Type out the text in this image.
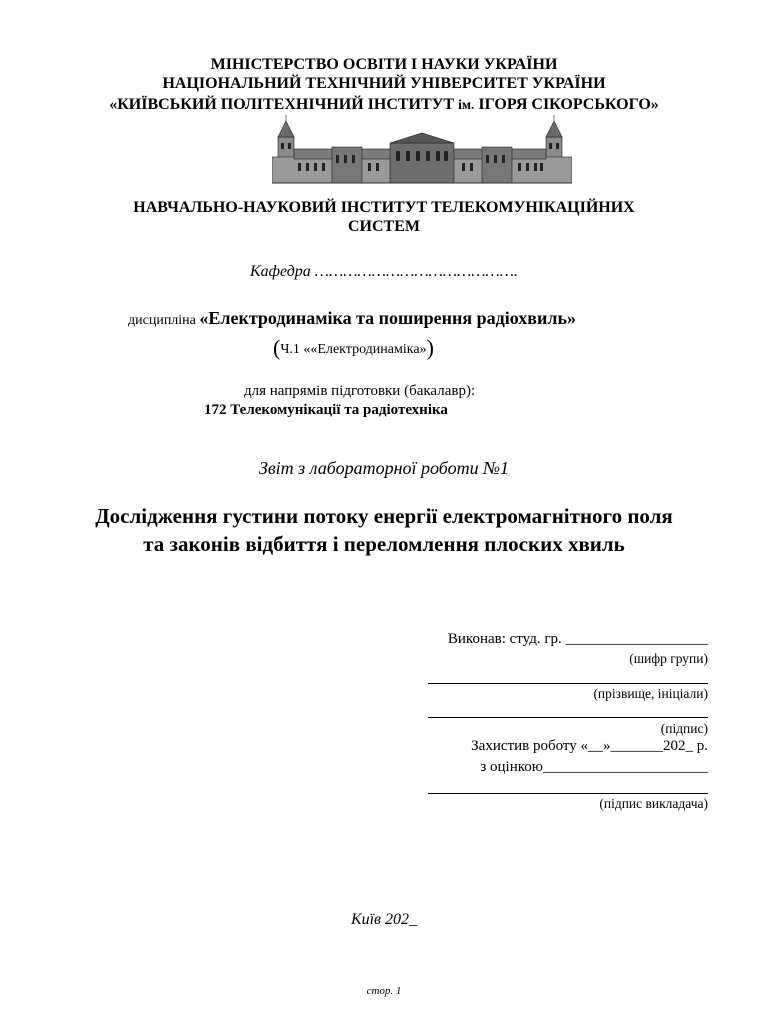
МІНІСТЕРСТВО ОСВІТИ І НАУКИ УКРАЇНИ
НАЦІОНАЛЬНИЙ ТЕХНІЧНИЙ УНІВЕРСИТЕТ УКРАЇНИ
«КИЇВСЬКИЙ ПОЛІТЕХНІЧНИЙ ІНСТИТУТ ім. ІГОРЯ СІКОРСЬКОГО»
НАВЧАЛЬНО-НАУКОВИЙ ІНСТИТУТ ТЕЛЕКОМУНІКАЦІЙНИХ
СИСТЕМ
Кафедра …………………………………….
дисципліна «Електродинаміка та поширення радіохвиль»
(Ч.1 ««Електродинаміка»)
для напрямів підготовки (бакалавр):
172 Телекомунікації та радіотехніка
Звіт з лабораторної роботи №1
Дослідження густини потоку енергії електромагнітного поля
та законів відбиття і переломлення плоских хвиль
Виконав: студ. гр. ___________________
(шифр групи)
(прізвище, ініціали)
(підпис)
Захистив роботу «__»_______202_ р.
з оцінкою______________________
(підпис викладача)
Київ 202_
стор. 1
